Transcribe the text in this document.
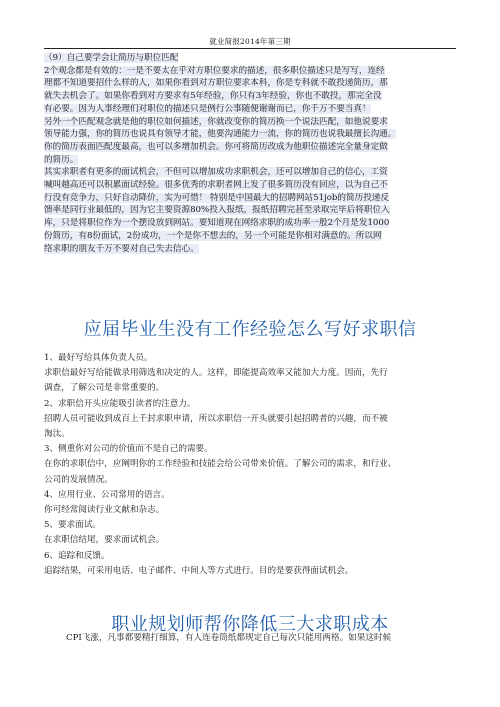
就业简报2014年第三期

（9）自己要学会让简历与职位匹配

2个观念都是有效的：一是不要太在乎对方职位要求的描述，很多职位描述只是写写，连经

理都不知道要招什么样的人，如果你看到对方职位要求本科，你是专科就不敢投递简历，那

就失去机会了。如果你看到对方要求有5年经验，你只有3年经验，你也不敢投，那完全没

有必要。因为人事经理们对职位的描述只是例行公事随便谢谢而已，你千万不要当真！

另外一个匹配观念就是他的职位如何描述，你就改变你的简历换一个说法匹配，如他说要求

领导能力强，你的简历也说具有领导才能，他要沟通能力一流，你的简历也说我最擅长沟通。

你的简历表面匹配度最高，也可以多增加机会。你可将简历改成为他职位描述完全量身定做

的简历。

其实求职者有更多的面试机会，不但可以增加成功求职机会，还可以增加自己的信心，工资

喊叫越高还可以积累面试经验。很多优秀的求职者网上发了很多简历没有回应，以为自己不

行没有竞争力，只好自动降价，实为可惜！ 特别是中国最大的招聘网站51job的简历投递反

馈率是同行业最低的，因为它主要资源80%投入报纸，报纸招聘完甚至录取完毕后将职位入

库，只是将职位作为一个摆设放到网站。要知道现在网络求职的成功率一般2个月是发1000

份简历，有8份面试，2份成功，一个是你不想去的，另一个可能是你相对满意的。所以网

络求职的朋友千万不要对自己失去信心。

应届毕业生没有工作经验怎么写好求职信

1、最好写给具体负责人员。

求职信最好写给能做录用筛选和决定的人。这样，即能提高效率又能加大力度。因而，先行

调查，了解公司是非常重要的。

2、求职信开头应能吸引读者的注意力。

招聘人员可能收到成百上千封求职申请，所以求职信一开头就要引起招聘者的兴趣，而不被

淘汰。

3、侧重你对公司的价值而不是自己的需要。

在你的求职信中，应阐明你的工作经验和技能会给公司带来价值。了解公司的需求，和行业、

公司的发展情况。

4、应用行业、公司常用的语言。

你可经常阅读行业文献和杂志。

5、要求面试。

在求职信结尾，要求面试机会。

6、追踪和反馈。

追踪结果，可采用电话、电子邮件、中间人等方式进行。目的是要获得面试机会。

职业规划师帮你降低三大求职成本

CPI飞涨，凡事都要精打细算，有人连卷筒纸都规定自己每次只能用两格。如果这时候
